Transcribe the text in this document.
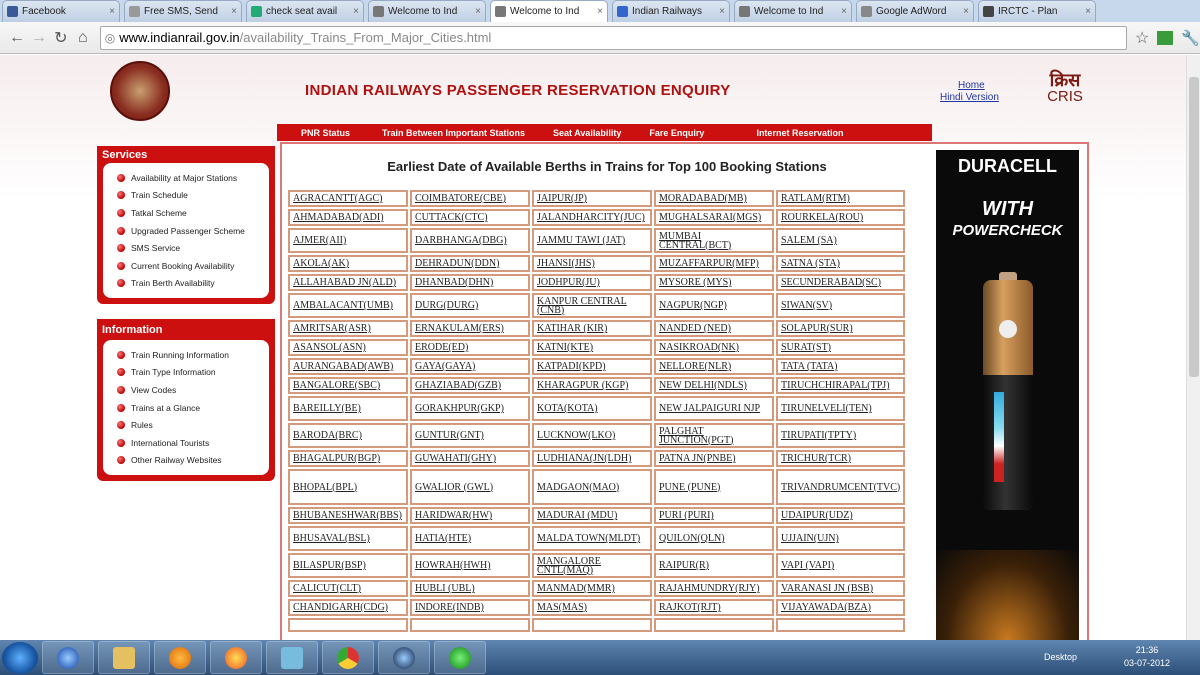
Facebook	×	Free SMS, Send	×	check seat avail	×	Welcome to Ind	×	Welcome to Ind	×	Indian Railways	×	Welcome to Ind	×	Google AdWord	×	IRCTC - Plan	×
← → ↻ ⌂	◎ www.indianrail.gov.in /availability_Trains_From_Major_Cities.html	☆ 🔧
INDIAN RAILWAYS PASSENGER RESERVATION ENQUIRY	Home
Hindi Version
क्रिस
CRIS
PNR Status	Train Between Important Stations	Seat Availability	Fare Enquiry	Internet Reservation
Services
Availability at Major Stations
Train Schedule
Tatkal Scheme
Upgraded Passenger Scheme
SMS Service
Current Booking Availability
Train Berth Availability
Information
Train Running Information
Train Type Information
View Codes
Trains at a Glance
Rules
International Tourists
Other Railway Websites
Earliest Date of Available Berths in Trains for Top 100 Booking Stations
AGRACANTT(AGC)	COIMBATORE(CBE)	JAIPUR(JP)	MORADABAD(MB)	RATLAM(RTM)
AHMADABAD(ADI)	CUTTACK(CTC)	JALANDHARCITY(JUC)	MUGHALSARAI(MGS)	ROURKELA(ROU)
AJMER(AII)	DARBHANGA(DBG)	JAMMU TAWI (JAT)	MUMBAI CENTRAL(BCT)	SALEM (SA)
AKOLA(AK)	DEHRADUN(DDN)	JHANSI(JHS)	MUZAFFARPUR(MFP)	SATNA (STA)
ALLAHABAD JN(ALD)	DHANBAD(DHN)	JODHPUR(JU)	MYSORE (MYS)	SECUNDERABAD(SC)
AMBALACANT(UMB)	DURG(DURG)	KANPUR CENTRAL (CNB)	NAGPUR(NGP)	SIWAN(SV)
AMRITSAR(ASR)	ERNAKULAM(ERS)	KATIHAR (KIR)	NANDED (NED)	SOLAPUR(SUR)
ASANSOL(ASN)	ERODE(ED)	KATNI(KTE)	NASIKROAD(NK)	SURAT(ST)
AURANGABAD(AWB)	GAYA(GAYA)	KATPADI(KPD)	NELLORE(NLR)	TATA (TATA)
BANGALORE(SBC)	GHAZIABAD(GZB)	KHARAGPUR (KGP)	NEW DELHI(NDLS)	TIRUCHCHIRAPAL(TPJ)
BAREILLY(BE)	GORAKHPUR(GKP)	KOTA(KOTA)	NEW JALPAIGURI NJP	TIRUNELVELI(TEN)
BARODA(BRC)	GUNTUR(GNT)	LUCKNOW(LKO)	PALGHAT JUNCTION(PGT)	TIRUPATI(TPTY)
BHAGALPUR(BGP)	GUWAHATI(GHY)	LUDHIANA(JN(LDH)	PATNA JN(PNBE)	TRICHUR(TCR)
BHOPAL(BPL)	GWALIOR (GWL)	MADGAON(MAO)	PUNE (PUNE)	TRIVANDRUMCENT(TVC)
BHUBANESHWAR(BBS)	HARIDWAR(HW)	MADURAI (MDU)	PURI (PURI)	UDAIPUR(UDZ)
BHUSAVAL(BSL)	HATIA(HTE)	MALDA TOWN(MLDT)	QUILON(QLN)	UJJAIN(UJN)
BILASPUR(BSP)	HOWRAH(HWH)	MANGALORE CNTL(MAQ)	RAIPUR(R)	VAPI (VAPI)
CALICUT(CLT)	HUBLI (UBL)	MANMAD(MMR)	RAJAHMUNDRY(RJY)	VARANASI JN (BSB)
CHANDIGARH(CDG)	INDORE(INDB)	MAS(MAS)	RAJKOT(RJT)	VIJAYAWADA(BZA)

DURACELL
WITH
POWERCHECK
Desktop
21:36
03-07-2012
